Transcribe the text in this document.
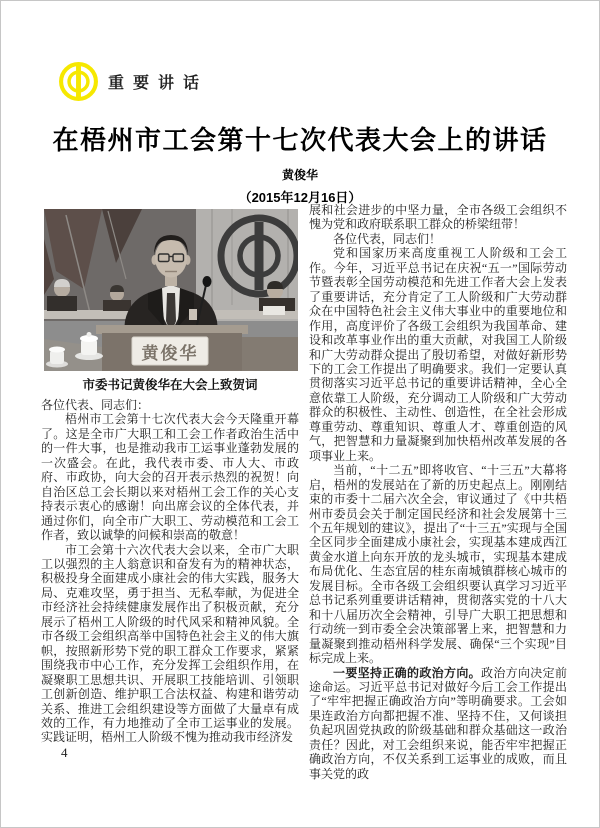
重要讲话
在梧州市工会第十七次代表大会上的讲话
黄俊华
（2015年12月16日）
黄俊华
市委书记黄俊华在大会上致贺词

各位代表、同志们：

梧州市工会第十七次代表大会今天隆重开幕了。这是全市广大职工和工会工作者政治生活中的一件大事，也是推动我市工运事业蓬勃发展的一次盛会。在此，我代表市委、市人大、市政府、市政协，向大会的召开表示热烈的祝贺！向自治区总工会长期以来对梧州工会工作的关心支持表示衷心的感谢！向出席会议的全体代表，并通过你们，向全市广大职工、劳动模范和工会工作者，致以诚挚的问候和崇高的敬意！

市工会第十六次代表大会以来，全市广大职工以强烈的主人翁意识和奋发有为的精神状态，积极投身全面建成小康社会的伟大实践，服务大局、克难攻坚，勇于担当、无私奉献，为促进全市经济社会持续健康发展作出了积极贡献，充分展示了梧州工人阶级的时代风采和精神风貌。全市各级工会组织高举中国特色社会主义的伟大旗帜，按照新形势下党的职工群众工作要求，紧紧围绕我市中心工作，充分发挥工会组织作用，在凝聚职工思想共识、开展职工技能培训、引领职工创新创造、维护职工合法权益、构建和谐劳动关系、推进工会组织建设等方面做了大量卓有成效的工作，有力地推动了全市工运事业的发展。实践证明，梧州工人阶级不愧为推动我市经济发

展和社会进步的中坚力量，全市各级工会组织不愧为党和政府联系职工群众的桥梁纽带！

各位代表，同志们！

党和国家历来高度重视工人阶级和工会工作。今年，习近平总书记在庆祝“五一”国际劳动节暨表彰全国劳动模范和先进工作者大会上发表了重要讲话，充分肯定了工人阶级和广大劳动群众在中国特色社会主义伟大事业中的重要地位和作用，高度评价了各级工会组织为我国革命、建设和改革事业作出的重大贡献，对我国工人阶级和广大劳动群众提出了殷切希望，对做好新形势下的工会工作提出了明确要求。我们一定要认真贯彻落实习近平总书记的重要讲话精神，全心全意依靠工人阶级，充分调动工人阶级和广大劳动群众的积极性、主动性、创造性，在全社会形成尊重劳动、尊重知识、尊重人才、尊重创造的风气，把智慧和力量凝聚到加快梧州改革发展的各项事业上来。

当前，“十二五”即将收官、“十三五”大幕将启，梧州的发展站在了新的历史起点上。刚刚结束的市委十二届六次全会，审议通过了《中共梧州市委员会关于制定国民经济和社会发展第十三个五年规划的建议》，提出了“十三五”实现与全国全区同步全面建成小康社会，实现基本建成西江黄金水道上向东开放的龙头城市，实现基本建成布局优化、生态宜居的桂东南城镇群核心城市的发展目标。全市各级工会组织要认真学习习近平总书记系列重要讲话精神，贯彻落实党的十八大和十八届历次全会精神，引导广大职工把思想和行动统一到市委全会决策部署上来，把智慧和力量凝聚到推动梧州科学发展、确保“三个实现”目标完成上来。

一要坚持正确的政治方向。政治方向决定前途命运。习近平总书记对做好今后工会工作提出了“牢牢把握正确政治方向”等明确要求。工会如果连政治方向都把握不准、坚持不住，又何谈担负起巩固党执政的阶级基础和群众基础这一政治责任？因此，对工会组织来说，能否牢牢把握正确政治方向，不仅关系到工运事业的成败，而且事关党的政

4
